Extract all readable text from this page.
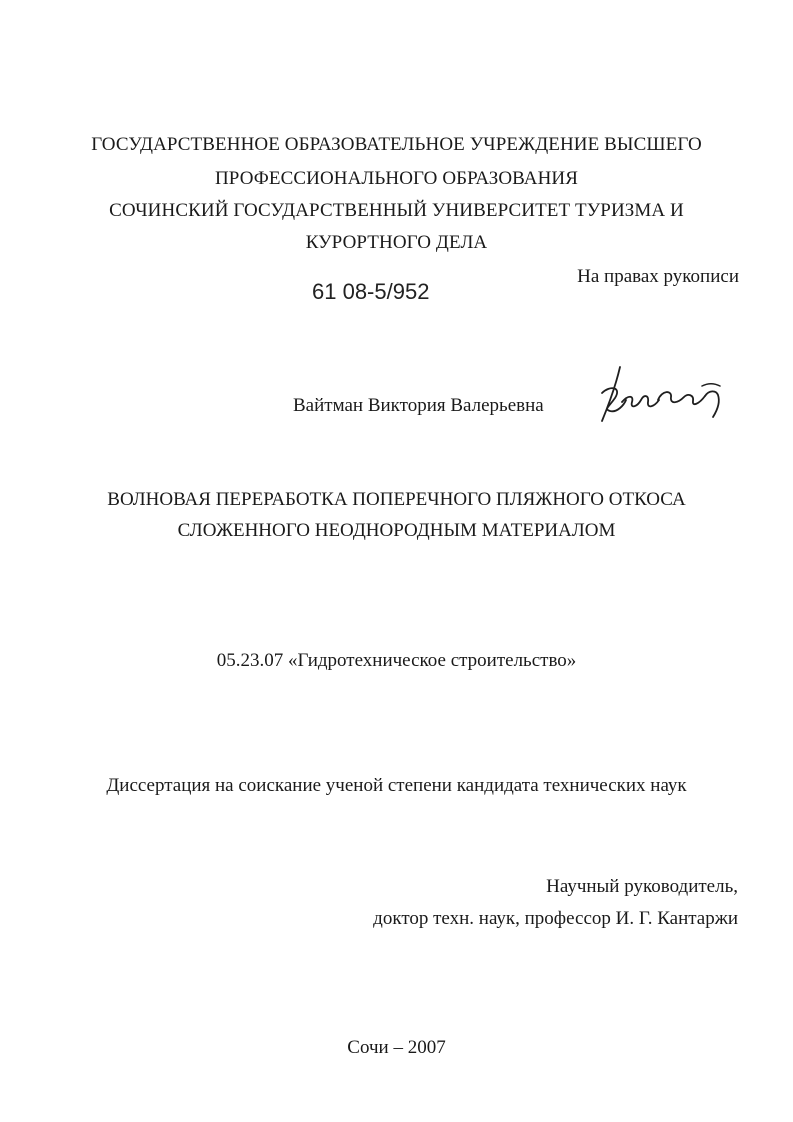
ГОСУДАРСТВЕННОЕ ОБРАЗОВАТЕЛЬНОЕ УЧРЕЖДЕНИЕ ВЫСШЕГО
ПРОФЕССИОНАЛЬНОГО ОБРАЗОВАНИЯ
СОЧИНСКИЙ ГОСУДАРСТВЕННЫЙ УНИВЕРСИТЕТ ТУРИЗМА И
КУРОРТНОГО ДЕЛА
На правах рукописи
61 08-5/952
Вайтман Виктория Валерьевна
ВОЛНОВАЯ ПЕРЕРАБОТКА ПОПЕРЕЧНОГО ПЛЯЖНОГО ОТКОСА
СЛОЖЕННОГО НЕОДНОРОДНЫМ МАТЕРИАЛОМ
05.23.07 «Гидротехническое строительство»
Диссертация на соискание ученой степени кандидата технических наук
Научный руководитель,
доктор техн. наук, профессор И. Г. Кантаржи
Сочи – 2007
